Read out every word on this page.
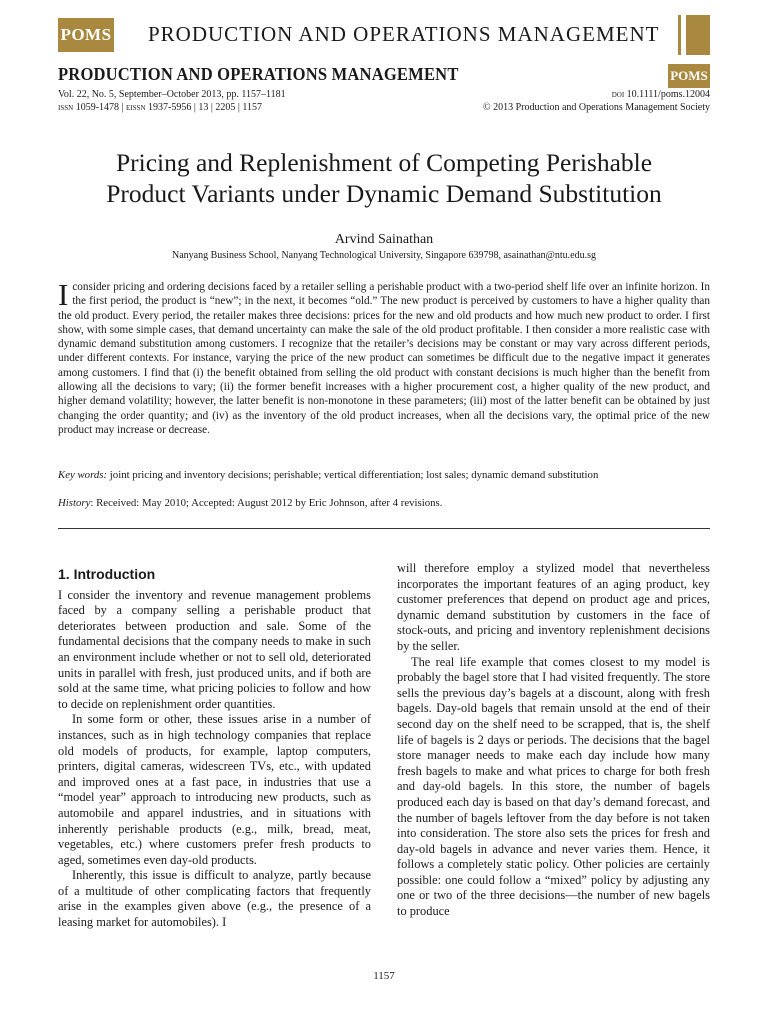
POMS PRODUCTION AND OPERATIONS MANAGEMENT
PRODUCTION AND OPERATIONS MANAGEMENT	POMS
Vol. 22, No. 5, September–October 2013, pp. 1157–1181
issn 1059-1478 | eissn 1937-5956 | 13 | 2205 | 1157
doi 10.1111/poms.12004
© 2013 Production and Operations Management Society
Pricing and Replenishment of Competing Perishable
Product Variants under Dynamic Demand Substitution
Arvind Sainathan
Nanyang Business School, Nanyang Technological University, Singapore 639798, asainathan@ntu.edu.sg
I consider pricing and ordering decisions faced by a retailer selling a perishable product with a two-period shelf life over an infinite horizon. In the first period, the product is “new”; in the next, it becomes “old.” The new product is perceived by customers to have a higher quality than the old product. Every period, the retailer makes three decisions: prices for the new and old products and how much new product to order. I first show, with some simple cases, that demand uncertainty can make the sale of the old product profitable. I then consider a more realistic case with dynamic demand substitution among customers. I recognize that the retailer’s decisions may be constant or may vary across different periods, under different contexts. For instance, varying the price of the new product can sometimes be difficult due to the negative impact it generates among customers. I find that (i) the benefit obtained from selling the old product with constant decisions is much higher than the benefit from allowing all the decisions to vary; (ii) the former benefit increases with a higher procurement cost, a higher quality of the new product, and higher demand volatility; however, the latter benefit is non-monotone in these parameters; (iii) most of the latter benefit can be obtained by just changing the order quantity; and (iv) as the inventory of the old product increases, when all the decisions vary, the optimal price of the new product may increase or decrease.
Key words: joint pricing and inventory decisions; perishable; vertical differentiation; lost sales; dynamic demand substitution
History: Received: May 2010; Accepted: August 2012 by Eric Johnson, after 4 revisions.
1. Introduction

I consider the inventory and revenue management problems faced by a company selling a perishable product that deteriorates between production and sale. Some of the fundamental decisions that the company needs to make in such an environment include whether or not to sell old, deteriorated units in parallel with fresh, just produced units, and if both are sold at the same time, what pricing policies to follow and how to decide on replenishment order quantities.

In some form or other, these issues arise in a number of instances, such as in high technology companies that replace old models of products, for example, laptop computers, printers, digital cameras, widescreen TVs, etc., with updated and improved ones at a fast pace, in industries that use a “model year” approach to introducing new products, such as automobile and apparel industries, and in situations with inherently perishable products (e.g., milk, bread, meat, vegetables, etc.) where customers prefer fresh products to aged, sometimes even day-old products.

Inherently, this issue is difficult to analyze, partly because of a multitude of other complicating factors that frequently arise in the examples given above (e.g., the presence of a leasing market for automobiles). I

will therefore employ a stylized model that nevertheless incorporates the important features of an aging product, key customer preferences that depend on product age and prices, dynamic demand substitution by customers in the face of stock-outs, and pricing and inventory replenishment decisions by the seller.

The real life example that comes closest to my model is probably the bagel store that I had visited frequently. The store sells the previous day’s bagels at a discount, along with fresh bagels. Day-old bagels that remain unsold at the end of their second day on the shelf need to be scrapped, that is, the shelf life of bagels is 2 days or periods. The decisions that the bagel store manager needs to make each day include how many fresh bagels to make and what prices to charge for both fresh and day-old bagels. In this store, the number of bagels produced each day is based on that day’s demand forecast, and the number of bagels leftover from the day before is not taken into consideration. The store also sets the prices for fresh and day-old bagels in advance and never varies them. Hence, it follows a completely static policy. Other policies are certainly possible: one could follow a “mixed” policy by adjusting any one or two of the three decisions—the number of new bagels to produce

1157
